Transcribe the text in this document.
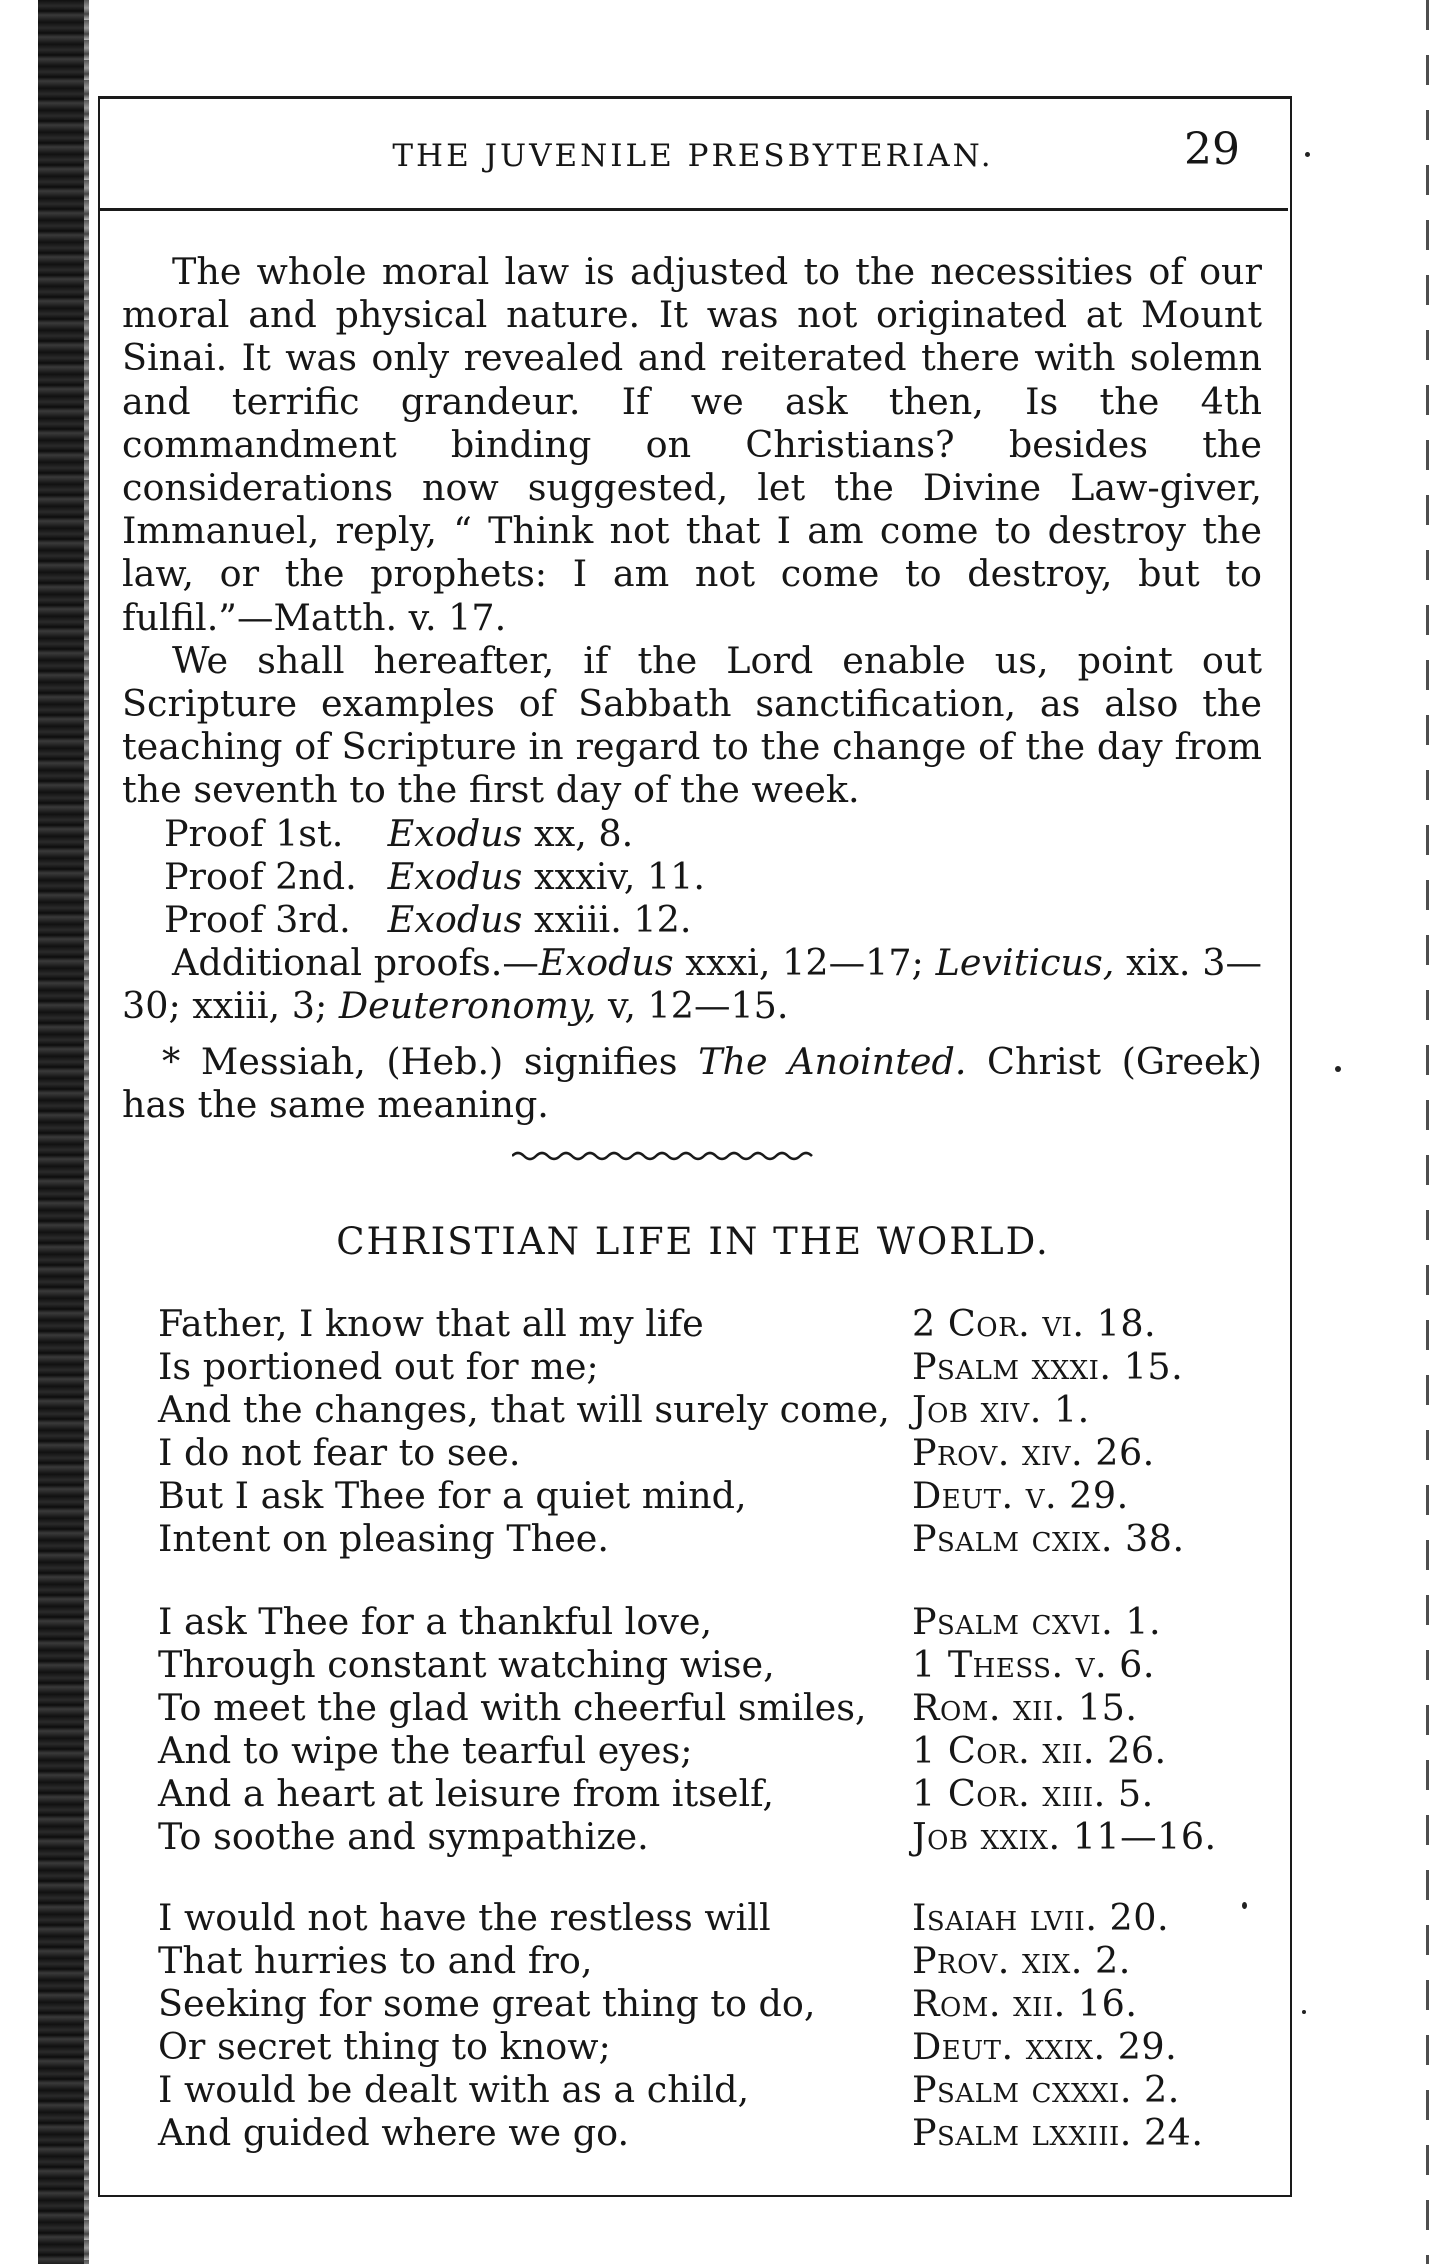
THE JUVENILE PRESBYTERIAN.	29

The whole moral law is adjusted to the necessities of our moral and physical nature. It was not originated at Mount Sinai. It was only revealed and reiterated there with solemn and terrific grandeur. If we ask then, Is the 4th commandment binding on Christians? besides the considerations now suggested, let the Divine Law-giver, Immanuel, reply, “ Think not that I am come to destroy the law, or the prophets: I am not come to destroy, but to fulfil.”—Matth. v. 17.

We shall hereafter, if the Lord enable us, point out Scripture examples of Sabbath sanctification, as also the teaching of Scripture in regard to the change of the day from the seventh to the first day of the week.

Proof 1st. Exodus xx, 8.

Proof 2nd. Exodus xxxiv, 11.

Proof 3rd. Exodus xxiii. 12.

Additional proofs.—Exodus xxxi, 12—17; Leviticus, xix. 3—30; xxiii, 3; Deuteronomy, v, 12—15.

* Messiah, (Heb.) signifies The Anointed. Christ (Greek) has the same meaning.

CHRISTIAN LIFE IN THE WORLD.
Father, I know that all my life	2 Cor. vi. 18.
Is portioned out for me;	Psalm xxxi. 15.
And the changes, that will surely come, Job xiv. 1.
I do not fear to see.	Prov. xiv. 26.
But I ask Thee for a quiet mind,	Deut. v. 29.
Intent on pleasing Thee.	Psalm cxix. 38.
I ask Thee for a thankful love,	Psalm cxvi. 1.
Through constant watching wise,	1 Thess. v. 6.
To meet the glad with cheerful smiles, Rom. xii. 15.
And to wipe the tearful eyes;	1 Cor. xii. 26.
And a heart at leisure from itself,	1 Cor. xiii. 5.
To soothe and sympathize.	Job xxix. 11—16.
I would not have the restless will	Isaiah lvii. 20.
That hurries to and fro,	Prov. xix. 2.
Seeking for some great thing to do,	Rom. xii. 16.
Or secret thing to know;	Deut. xxix. 29.
I would be dealt with as a child,	Psalm cxxxi. 2.
And guided where we go.	Psalm lxxiii. 24.
